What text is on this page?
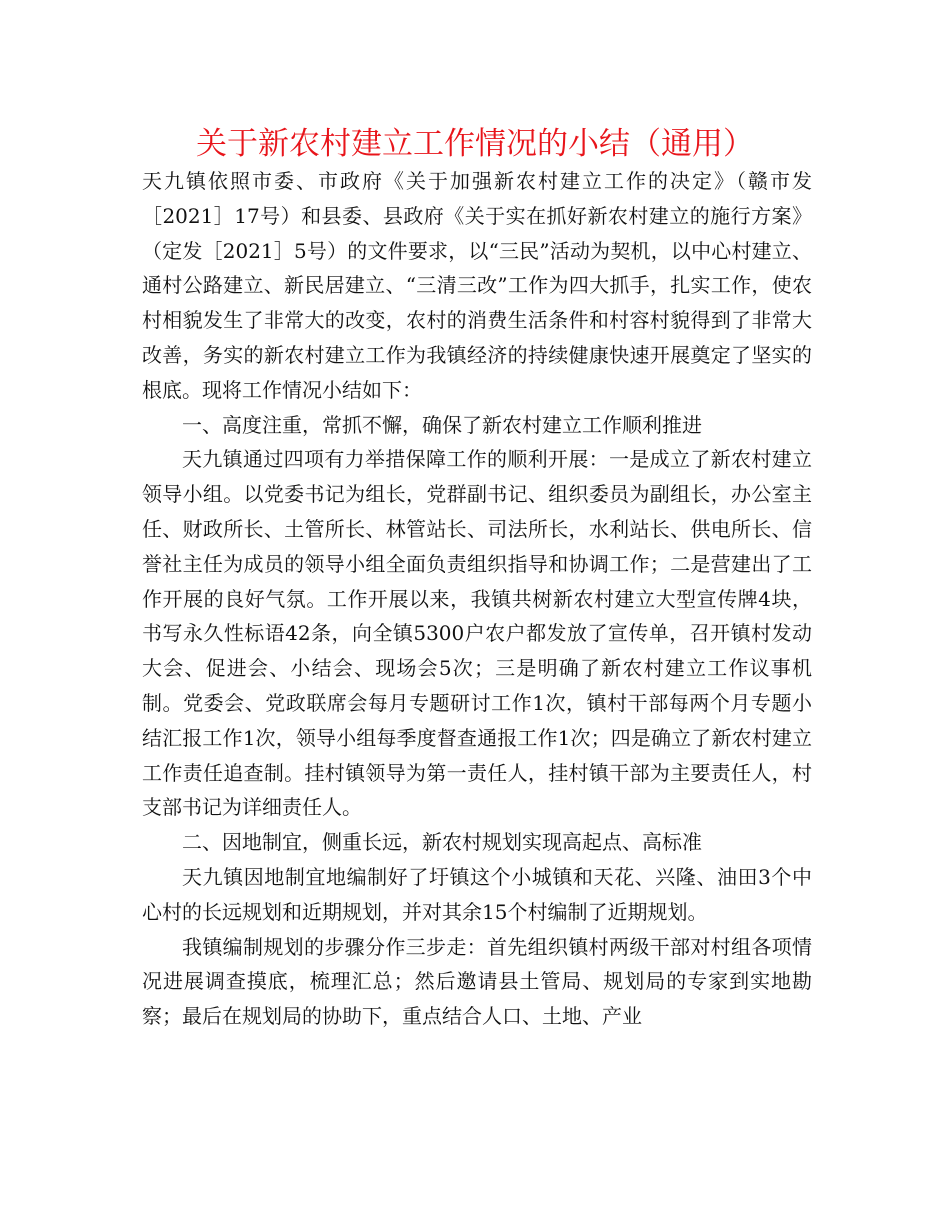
关于新农村建立工作情况的小结（通用）

天九镇依照市委、市政府《关于加强新农村建立工作的决定》（赣市发［2021］17号）和县委、县政府《关于实在抓好新农村建立的施行方案》（定发［2021］5号）的文件要求，以“三民”活动为契机，以中心村建立、通村公路建立、新民居建立、“三清三改”工作为四大抓手，扎实工作，使农村相貌发生了非常大的改变，农村的消费生活条件和村容村貌得到了非常大改善，务实的新农村建立工作为我镇经济的持续健康快速开展奠定了坚实的根底。现将工作情况小结如下：

一、高度注重，常抓不懈，确保了新农村建立工作顺利推进

天九镇通过四项有力举措保障工作的顺利开展：一是成立了新农村建立领导小组。以党委书记为组长，党群副书记、组织委员为副组长，办公室主任、财政所长、土管所长、林管站长、司法所长，水利站长、供电所长、信誉社主任为成员的领导小组全面负责组织指导和协调工作；二是营建出了工作开展的良好气氛。工作开展以来，我镇共树新农村建立大型宣传牌4块，书写永久性标语42条，向全镇5300户农户都发放了宣传单，召开镇村发动大会、促进会、小结会、现场会5次；三是明确了新农村建立工作议事机制。党委会、党政联席会每月专题研讨工作1次，镇村干部每两个月专题小结汇报工作1次，领导小组每季度督查通报工作1次；四是确立了新农村建立工作责任追查制。挂村镇领导为第一责任人，挂村镇干部为主要责任人，村支部书记为详细责任人。

二、因地制宜，侧重长远，新农村规划实现高起点、高标准

天九镇因地制宜地编制好了圩镇这个小城镇和天花、兴隆、油田3个中心村的长远规划和近期规划，并对其余15个村编制了近期规划。

我镇编制规划的步骤分作三步走：首先组织镇村两级干部对村组各项情况进展调查摸底，梳理汇总；然后邀请县土管局、规划局的专家到实地勘察；最后在规划局的协助下，重点结合人口、土地、产业
